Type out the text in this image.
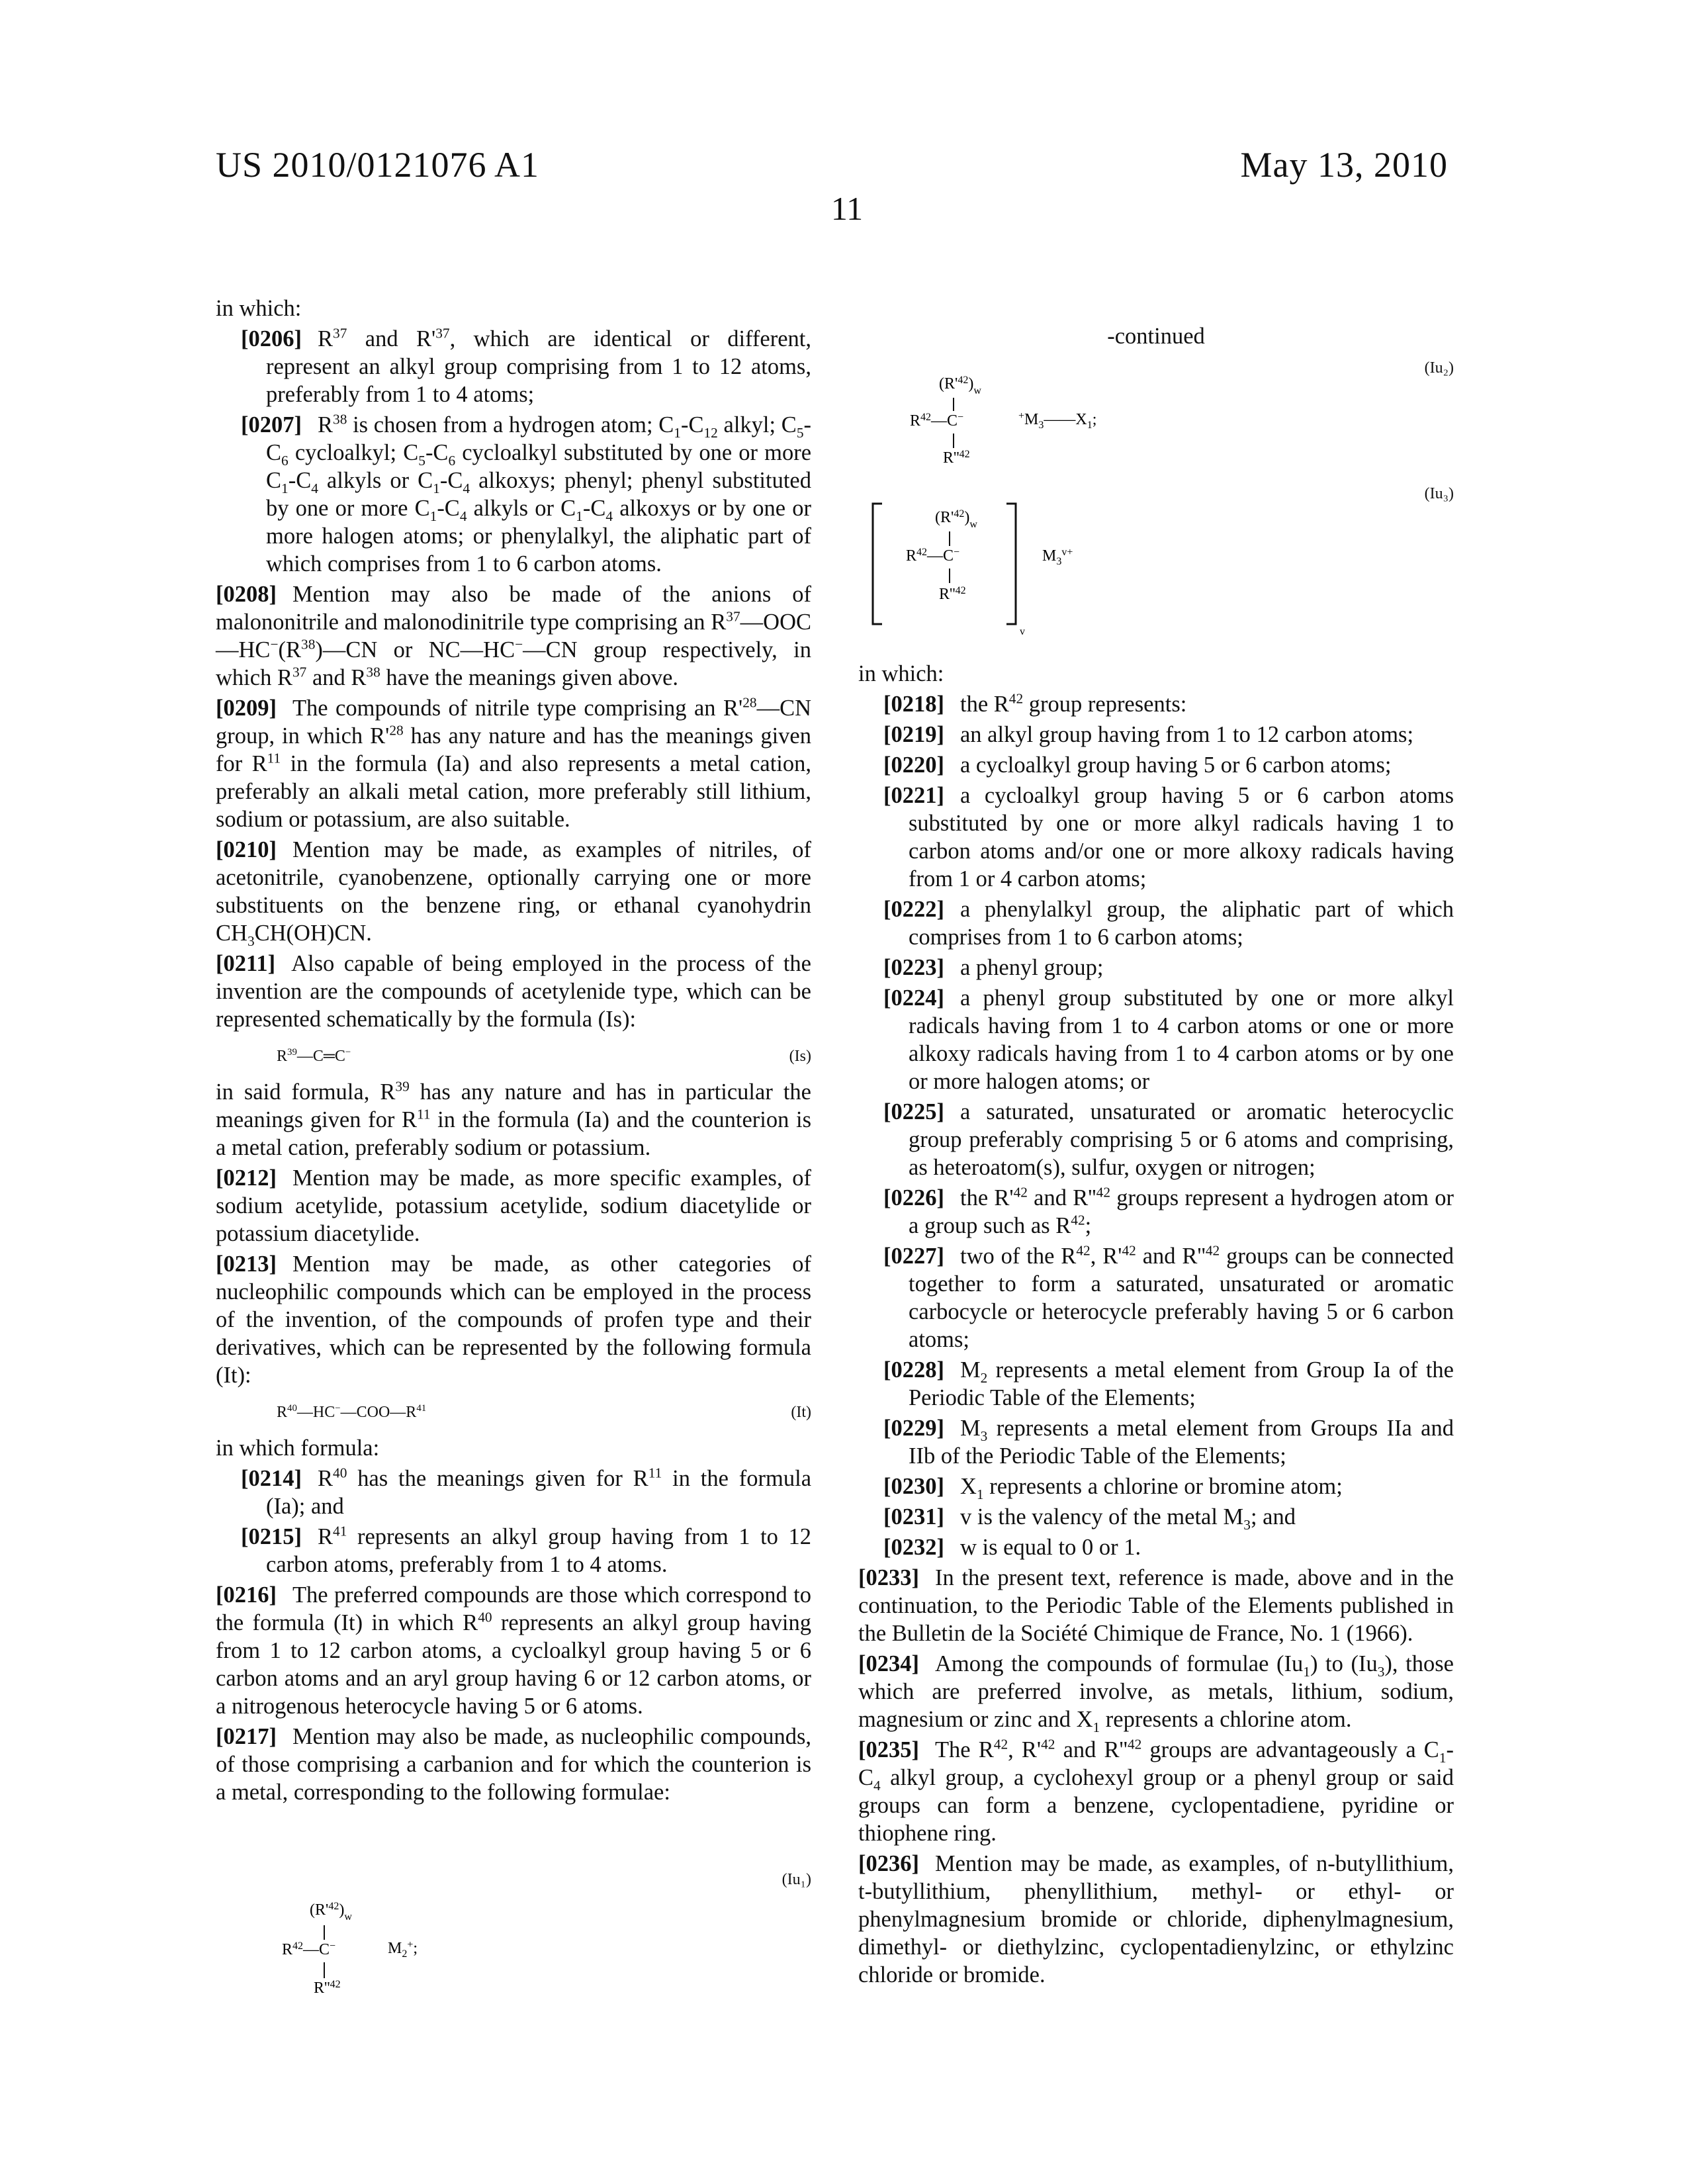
US 2010/0121076 A1	May 13, 2010
11

in which:

[0206] R37 and R'37, which are identical or different, represent an alkyl group comprising from 1 to 12 atoms, preferably from 1 to 4 atoms;

[0207] R38 is chosen from a hydrogen atom; C1-C12 alkyl; C5-C6 cycloalkyl; C5-C6 cycloalkyl substituted by one or more C1-C4 alkyls or C1-C4 alkoxys; phenyl; phenyl substituted by one or more C1-C4 alkyls or C1-C4 alkoxys or by one or more halogen atoms; or phenylalkyl, the aliphatic part of which comprises from 1 to 6 carbon atoms.

[0208] Mention may also be made of the anions of malononitrile and malonodinitrile type comprising an R37—OOC—HC−(R38)—CN or NC—HC−—CN group respectively, in which R37 and R38 have the meanings given above.

[0209] The compounds of nitrile type comprising an R'28—CN group, in which R'28 has any nature and has the meanings given for R11 in the formula (Ia) and also represents a metal cation, preferably an alkali metal cation, more preferably still lithium, sodium or potassium, are also suitable.

[0210] Mention may be made, as examples of nitriles, of acetonitrile, cyanobenzene, optionally carrying one or more substituents on the benzene ring, or ethanal cyanohydrin CH3CH(OH)CN.

[0211] Also capable of being employed in the process of the invention are the compounds of acetylenide type, which can be represented schematically by the formula (Is):

R39—C═C−	(Is)

in said formula, R39 has any nature and has in particular the meanings given for R11 in the formula (Ia) and the counterion is a metal cation, preferably sodium or potassium.

[0212] Mention may be made, as more specific examples, of sodium acetylide, potassium acetylide, sodium diacetylide or potassium diacetylide.

[0213] Mention may be made, as other categories of nucleophilic compounds which can be employed in the process of the invention, of the compounds of profen type and their derivatives, which can be represented by the following formula (It):

R40—HC−—COO—R41	(It)

in which formula:

[0214] R40 has the meanings given for R11 in the formula (Ia); and

[0215] R41 represents an alkyl group having from 1 to 12 carbon atoms, preferably from 1 to 4 atoms.

[0216] The preferred compounds are those which correspond to the formula (It) in which R40 represents an alkyl group having from 1 to 12 carbon atoms, a cycloalkyl group having 5 or 6 carbon atoms and an aryl group having 6 or 12 carbon atoms, or a nitrogenous heterocycle having 5 or 6 atoms.

[0217] Mention may also be made, as nucleophilic compounds, of those comprising a carbanion and for which the counterion is a metal, corresponding to the following formulae:

(Iu₁)
(R'42)w
R42—C−
R''42
M2+;

-continued

(Iu₂)
(R'42)w
R42—C−
R''42
+M3——X1;
(Iu₃)
(R'42)w
R42—C−
R''42
v
M3v+

in which:

[0218] the R42 group represents:

[0219] an alkyl group having from 1 to 12 carbon atoms;

[0220] a cycloalkyl group having 5 or 6 carbon atoms;

[0221] a cycloalkyl group having 5 or 6 carbon atoms substituted by one or more alkyl radicals having 1 to carbon atoms and/or one or more alkoxy radicals having from 1 or 4 carbon atoms;

[0222] a phenylalkyl group, the aliphatic part of which comprises from 1 to 6 carbon atoms;

[0223] a phenyl group;

[0224] a phenyl group substituted by one or more alkyl radicals having from 1 to 4 carbon atoms or one or more alkoxy radicals having from 1 to 4 carbon atoms or by one or more halogen atoms; or

[0225] a saturated, unsaturated or aromatic heterocyclic group preferably comprising 5 or 6 atoms and comprising, as heteroatom(s), sulfur, oxygen or nitrogen;

[0226] the R'42 and R''42 groups represent a hydrogen atom or a group such as R42;

[0227] two of the R42, R'42 and R''42 groups can be connected together to form a saturated, unsaturated or aromatic carbocycle or heterocycle preferably having 5 or 6 carbon atoms;

[0228] M2 represents a metal element from Group Ia of the Periodic Table of the Elements;

[0229] M3 represents a metal element from Groups IIa and IIb of the Periodic Table of the Elements;

[0230] X1 represents a chlorine or bromine atom;

[0231] v is the valency of the metal M3; and

[0232] w is equal to 0 or 1.

[0233] In the present text, reference is made, above and in the continuation, to the Periodic Table of the Elements published in the Bulletin de la Société Chimique de France, No. 1 (1966).

[0234] Among the compounds of formulae (Iu1) to (Iu3), those which are preferred involve, as metals, lithium, sodium, magnesium or zinc and X1 represents a chlorine atom.

[0235] The R42, R'42 and R''42 groups are advantageously a C1-C4 alkyl group, a cyclohexyl group or a phenyl group or said groups can form a benzene, cyclopentadiene, pyridine or thiophene ring.

[0236] Mention may be made, as examples, of n-butyllithium, t-butyllithium, phenyllithium, methyl- or ethyl- or phenylmagnesium bromide or chloride, diphenylmagnesium, dimethyl- or diethylzinc, cyclopentadienylzinc, or ethylzinc chloride or bromide.
